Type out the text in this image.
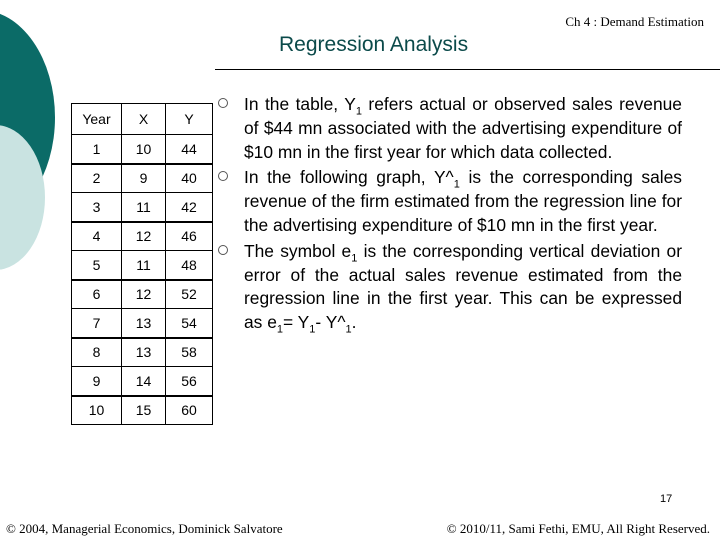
Ch 4 : Demand Estimation
Regression Analysis
Year	X	Y
1	10	44
2	9	40
3	11	42
4	12	46
5	11	48
6	12	52
7	13	54
8	13	58
9	14	56
10	15	60
In the table, $Y_1$ refers actual or observed sales revenue of $44 mn associated with the advertising expenditure of $10 mn in the first year for which data collected.
In the following graph, $Y\^{}_1$ is the corresponding sales revenue of the firm estimated from the regression line for the advertising expenditure of $10 mn in the first year.
The symbol $e_1$ is the corresponding vertical deviation or error of the actual sales revenue estimated from the regression line in the first year. This can be expressed as $e_1= Y_1-$ $Y\^{}_1$.
17
© 2004, Managerial Economics, Dominick Salvatore	© 2010/11, Sami Fethi, EMU, All Right Reserved.
